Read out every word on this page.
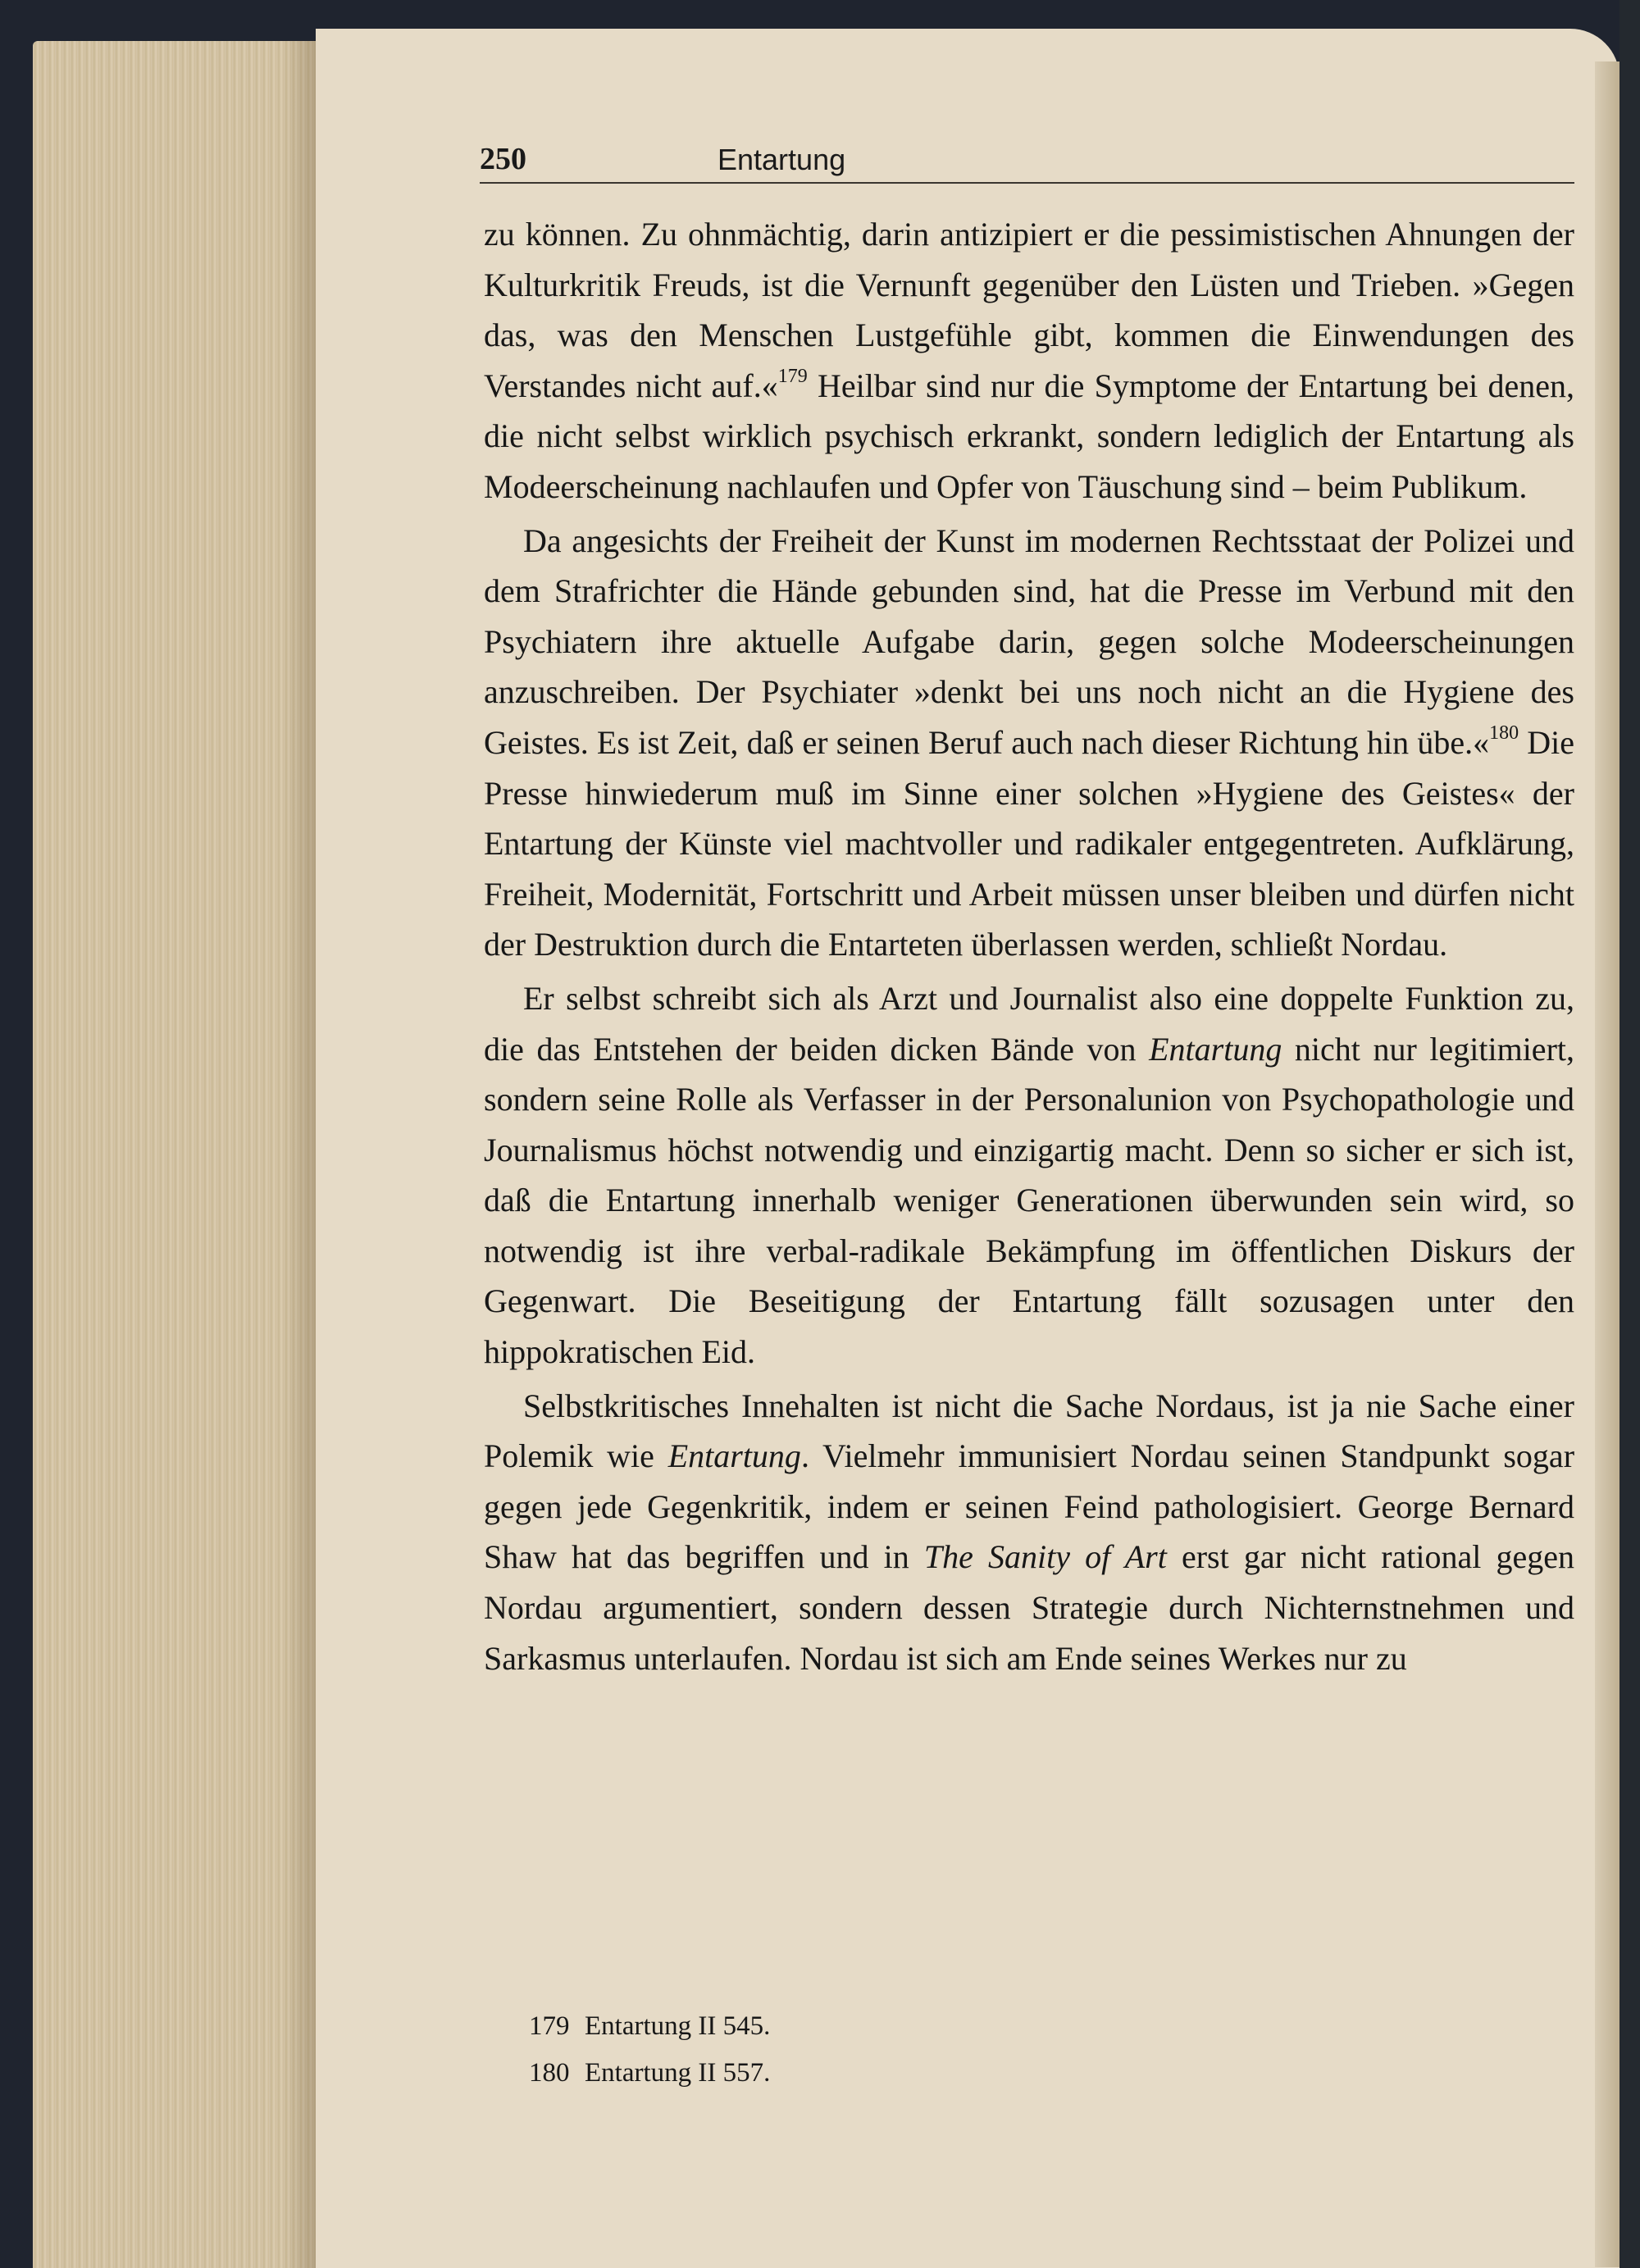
250	Entartung

zu können. Zu ohnmächtig, darin antizipiert er die pessimistischen Ahnungen der Kulturkritik Freuds, ist die Vernunft gegenüber den Lüsten und Trieben. »Gegen das, was den Menschen Lustgefühle gibt, kommen die Einwendungen des Verstandes nicht auf.«$^{179}$ Heilbar sind nur die Symptome der Entartung bei denen, die nicht selbst wirklich psychisch erkrankt, sondern lediglich der Entartung als Modeerscheinung nachlaufen und Opfer von Täuschung sind – beim Publikum.

Da angesichts der Freiheit der Kunst im modernen Rechtsstaat der Polizei und dem Strafrichter die Hände gebunden sind, hat die Presse im Verbund mit den Psychiatern ihre aktuelle Aufgabe darin, gegen solche Modeerscheinungen anzuschreiben. Der Psychiater »denkt bei uns noch nicht an die Hygiene des Geistes. Es ist Zeit, daß er seinen Beruf auch nach dieser Richtung hin übe.«$^{180}$ Die Presse hinwiederum muß im Sinne einer solchen »Hygiene des Geistes« der Entartung der Künste viel machtvoller und radikaler entgegentreten. Aufklärung, Freiheit, Modernität, Fortschritt und Arbeit müssen unser bleiben und dürfen nicht der Destruktion durch die Entarteten überlassen werden, schließt Nordau.

Er selbst schreibt sich als Arzt und Journalist also eine doppelte Funktion zu, die das Entstehen der beiden dicken Bände von Entartung nicht nur legitimiert, sondern seine Rolle als Verfasser in der Personalunion von Psychopathologie und Journalismus höchst notwendig und einzigartig macht. Denn so sicher er sich ist, daß die Entartung innerhalb weniger Generationen überwunden sein wird, so notwendig ist ihre verbal-radikale Bekämpfung im öffentlichen Diskurs der Gegenwart. Die Beseitigung der Entartung fällt sozusagen unter den hippokratischen Eid.

Selbstkritisches Innehalten ist nicht die Sache Nordaus, ist ja nie Sache einer Polemik wie Entartung. Vielmehr immunisiert Nordau seinen Standpunkt sogar gegen jede Gegenkritik, indem er seinen Feind pathologisiert. George Bernard Shaw hat das begriffen und in The Sanity of Art erst gar nicht rational gegen Nordau argumentiert, sondern dessen Strategie durch Nichternstnehmen und Sarkasmus unterlaufen. Nordau ist sich am Ende seines Werkes nur zu

179 Entartung II 545.
180 Entartung II 557.
